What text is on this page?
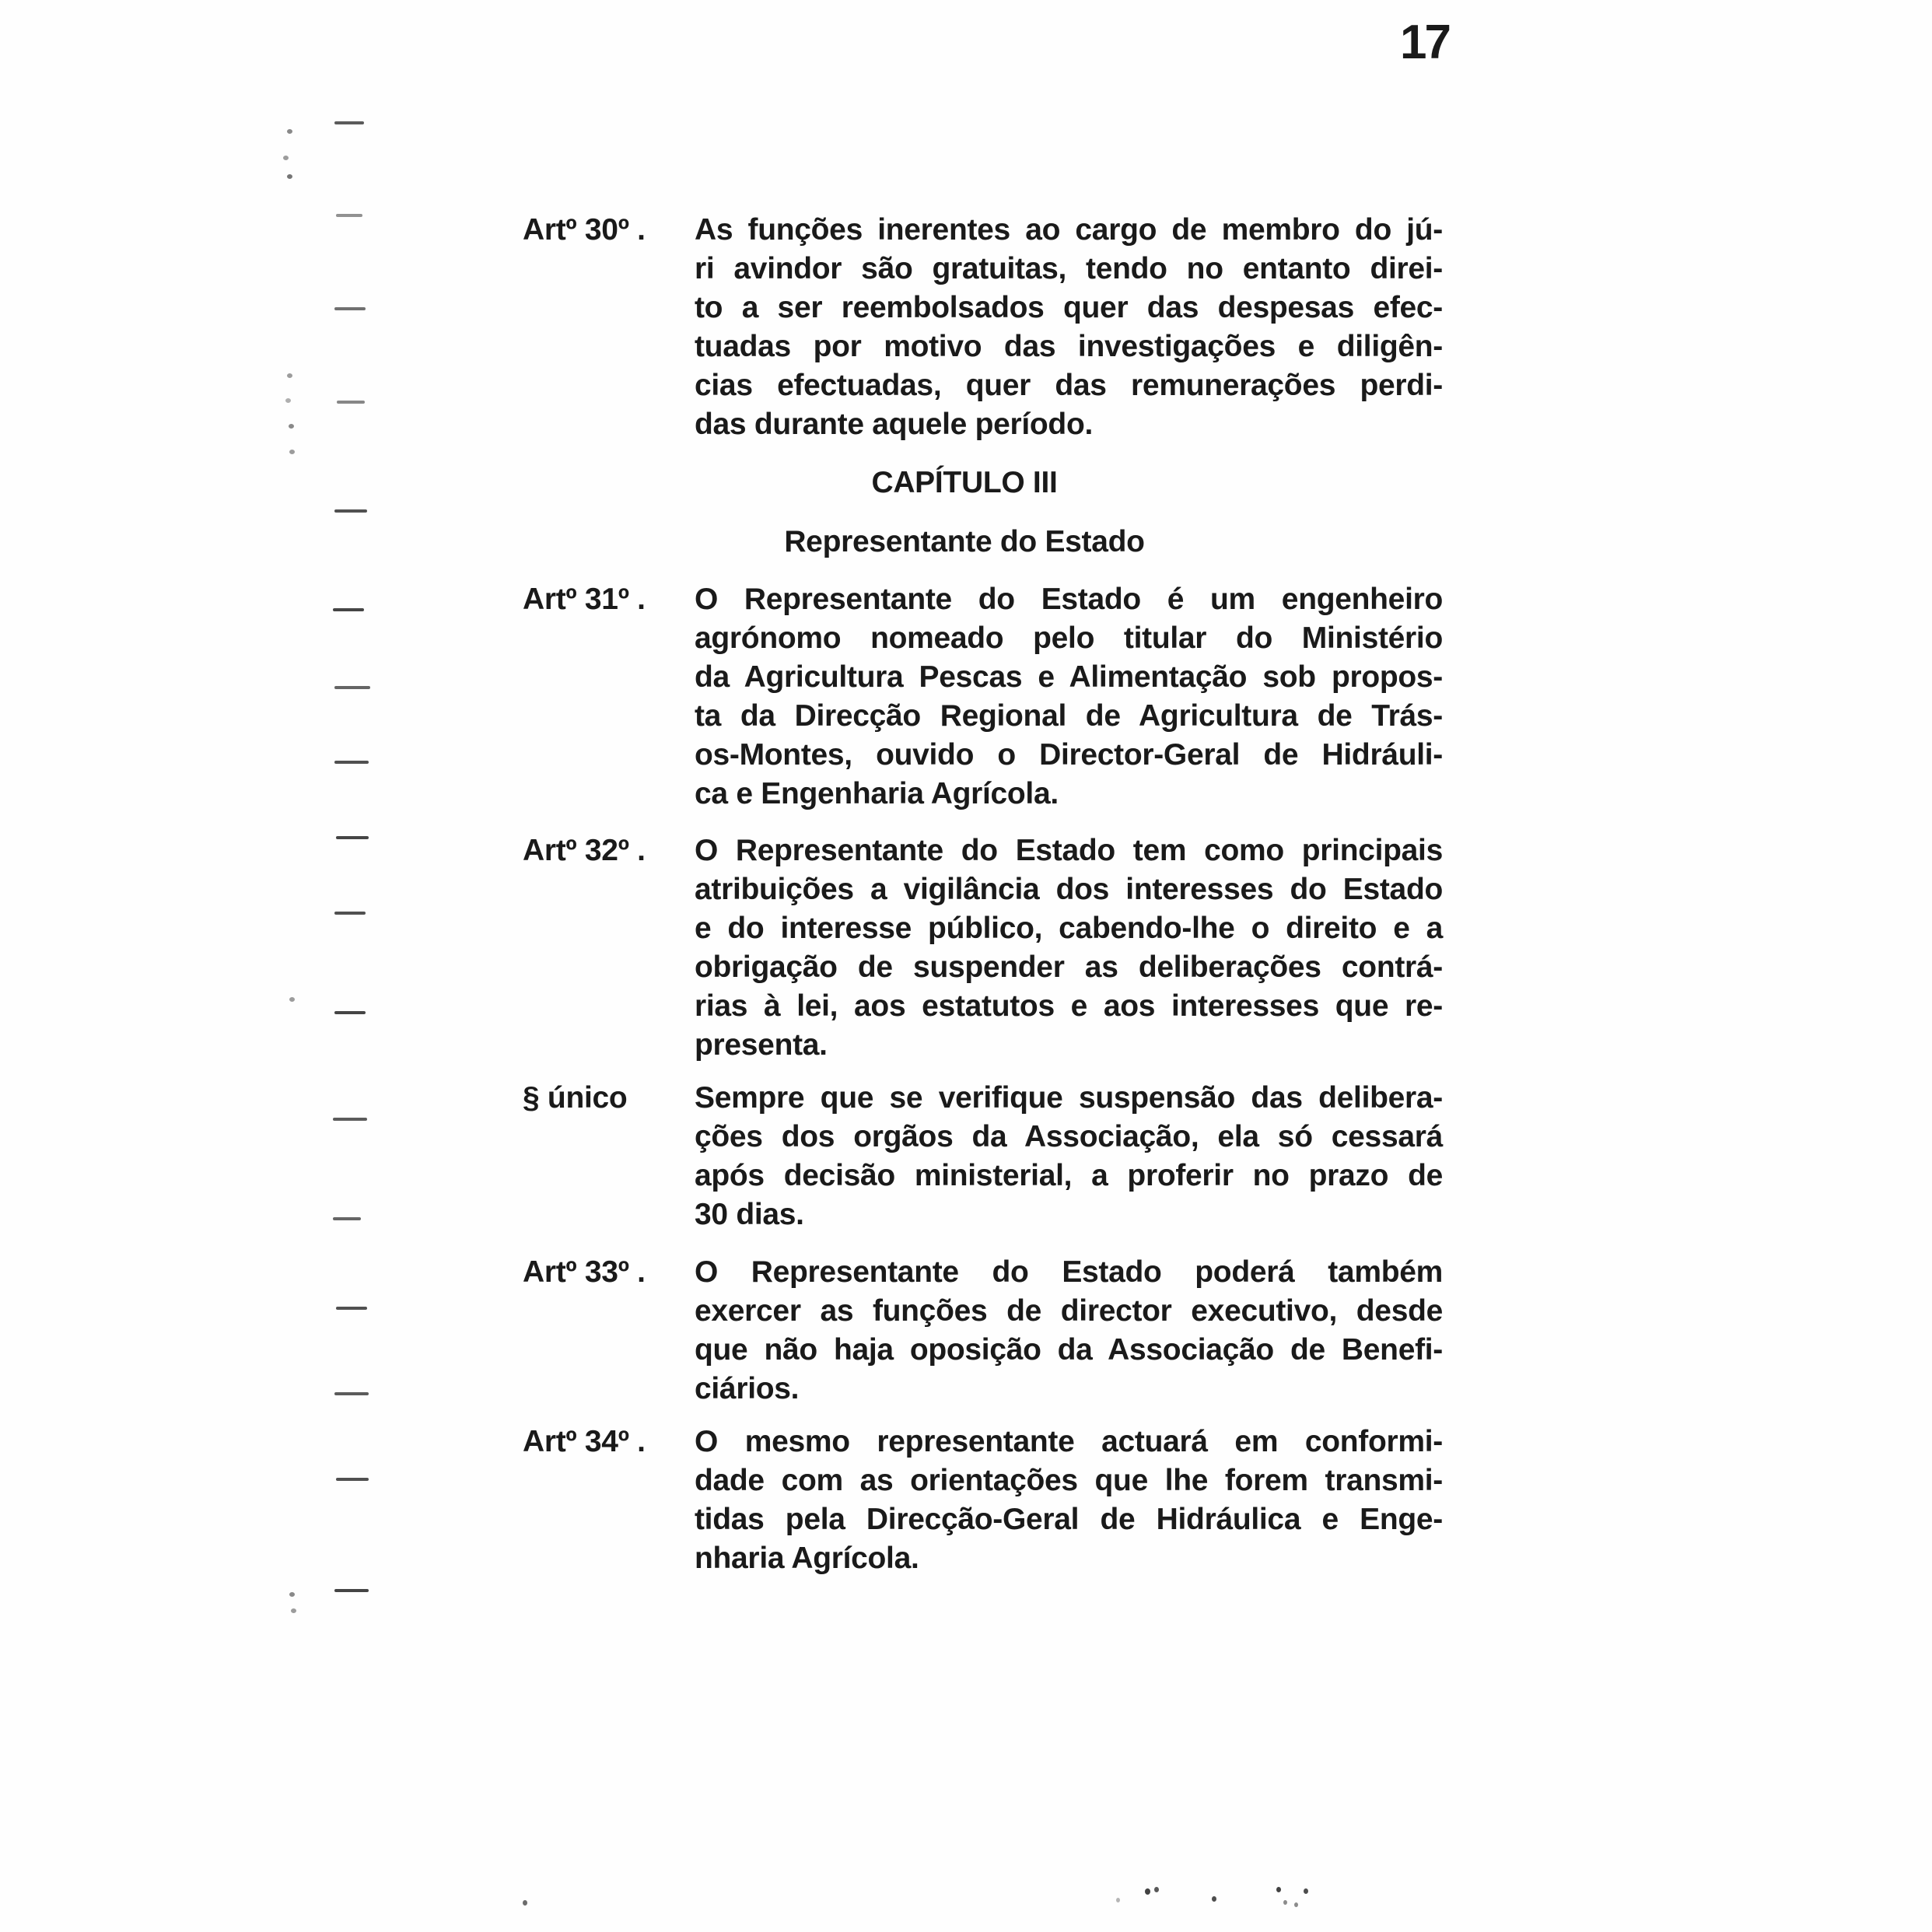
17
Artº 30º . As funções inerentes ao cargo de membro do jú-
ri avindor são gratuitas, tendo no entanto direi-
to a ser reembolsados quer das despesas efec-
tuadas por motivo das investigações e diligên-
cias efectuadas, quer das remunerações perdi-
das durante aquele período.
CAPÍTULO III
Representante do Estado
Artº 31º . O Representante do Estado é um engenheiro
agrónomo nomeado pelo titular do Ministério
da Agricultura Pescas e Alimentação sob propos-
ta da Direcção Regional de Agricultura de Trás-
os-Montes, ouvido o Director-Geral de Hidráuli-
ca e Engenharia Agrícola.
Artº 32º . O Representante do Estado tem como principais
atribuições a vigilância dos interesses do Estado
e do interesse público, cabendo-lhe o direito e a
obrigação de suspender as deliberações contrá-
rias à lei, aos estatutos e aos interesses que re-
presenta.
§ único Sempre que se verifique suspensão das delibera-
ções dos orgãos da Associação, ela só cessará
após decisão ministerial, a proferir no prazo de
30 dias.
Artº 33º . O Representante do Estado poderá também
exercer as funções de director executivo, desde
que não haja oposição da Associação de Benefi-
ciários.
Artº 34º . O mesmo representante actuará em conformi-
dade com as orientações que lhe forem transmi-
tidas pela Direcção-Geral de Hidráulica e Enge-
nharia Agrícola.
